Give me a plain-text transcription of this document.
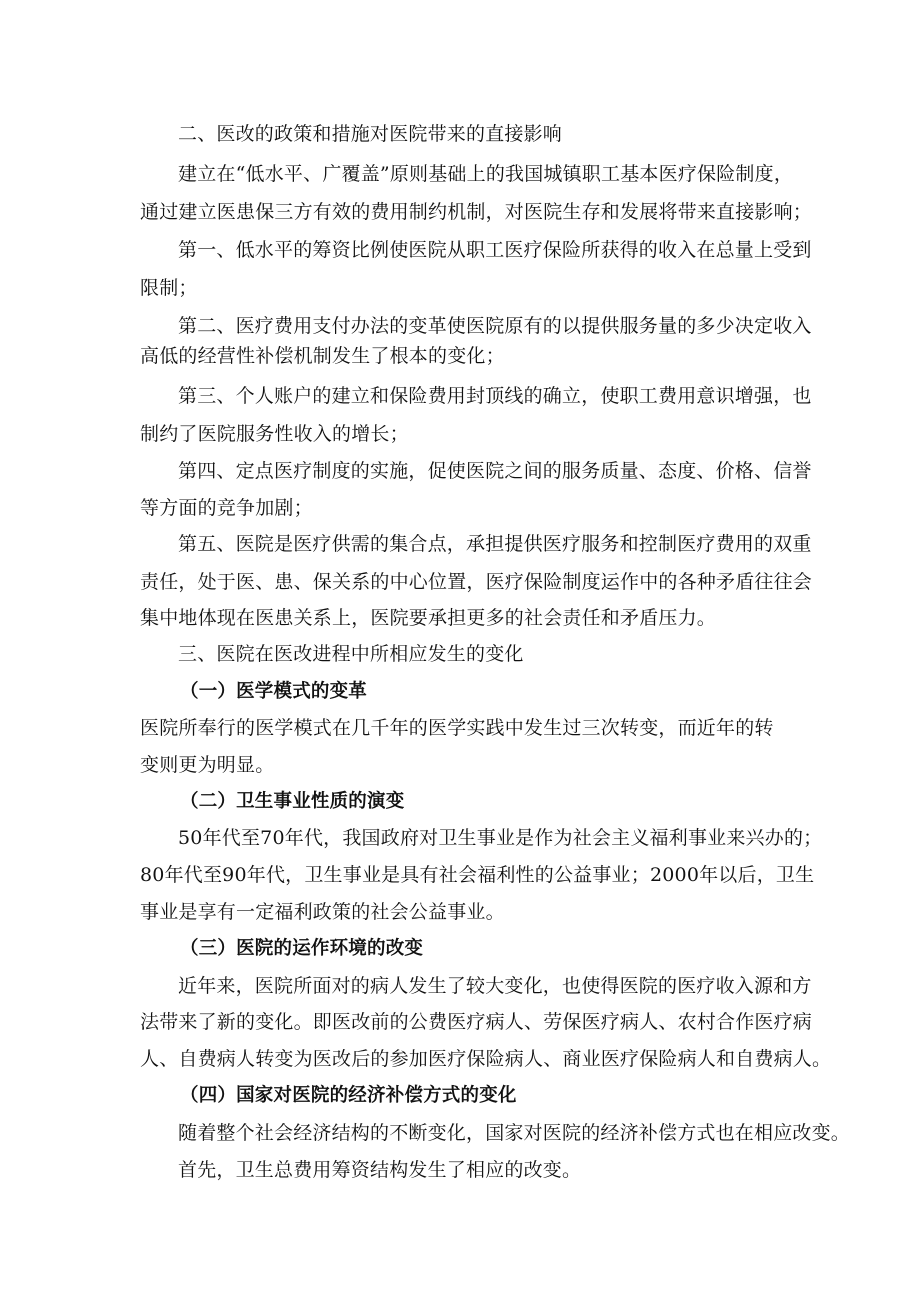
二、医改的政策和措施对医院带来的直接影响
建立在“低水平、广覆盖”原则基础上的我国城镇职工基本医疗保险制度，
通过建立医患保三方有效的费用制约机制，对医院生存和发展将带来直接影响；
第一、低水平的筹资比例使医院从职工医疗保险所获得的收入在总量上受到
限制；
第二、医疗费用支付办法的变革使医院原有的以提供服务量的多少决定收入
高低的经营性补偿机制发生了根本的变化；
第三、个人账户的建立和保险费用封顶线的确立，使职工费用意识增强，也
制约了医院服务性收入的增长；
第四、定点医疗制度的实施，促使医院之间的服务质量、态度、价格、信誉
等方面的竞争加剧；
第五、医院是医疗供需的集合点，承担提供医疗服务和控制医疗费用的双重
责任，处于医、患、保关系的中心位置，医疗保险制度运作中的各种矛盾往往会
集中地体现在医患关系上，医院要承担更多的社会责任和矛盾压力。
三、医院在医改进程中所相应发生的变化
（一）医学模式的变革
医院所奉行的医学模式在几千年的医学实践中发生过三次转变，而近年的转
变则更为明显。
（二）卫生事业性质的演变
50年代至70年代，我国政府对卫生事业是作为社会主义福利事业来兴办的；
80年代至90年代，卫生事业是具有社会福利性的公益事业；2000年以后，卫生
事业是享有一定福利政策的社会公益事业。
（三）医院的运作环境的改变
近年来，医院所面对的病人发生了较大变化，也使得医院的医疗收入源和方
法带来了新的变化。即医改前的公费医疗病人、劳保医疗病人、农村合作医疗病
人、自费病人转变为医改后的参加医疗保险病人、商业医疗保险病人和自费病人。
（四）国家对医院的经济补偿方式的变化
随着整个社会经济结构的不断变化，国家对医院的经济补偿方式也在相应改变。
首先，卫生总费用筹资结构发生了相应的改变。
